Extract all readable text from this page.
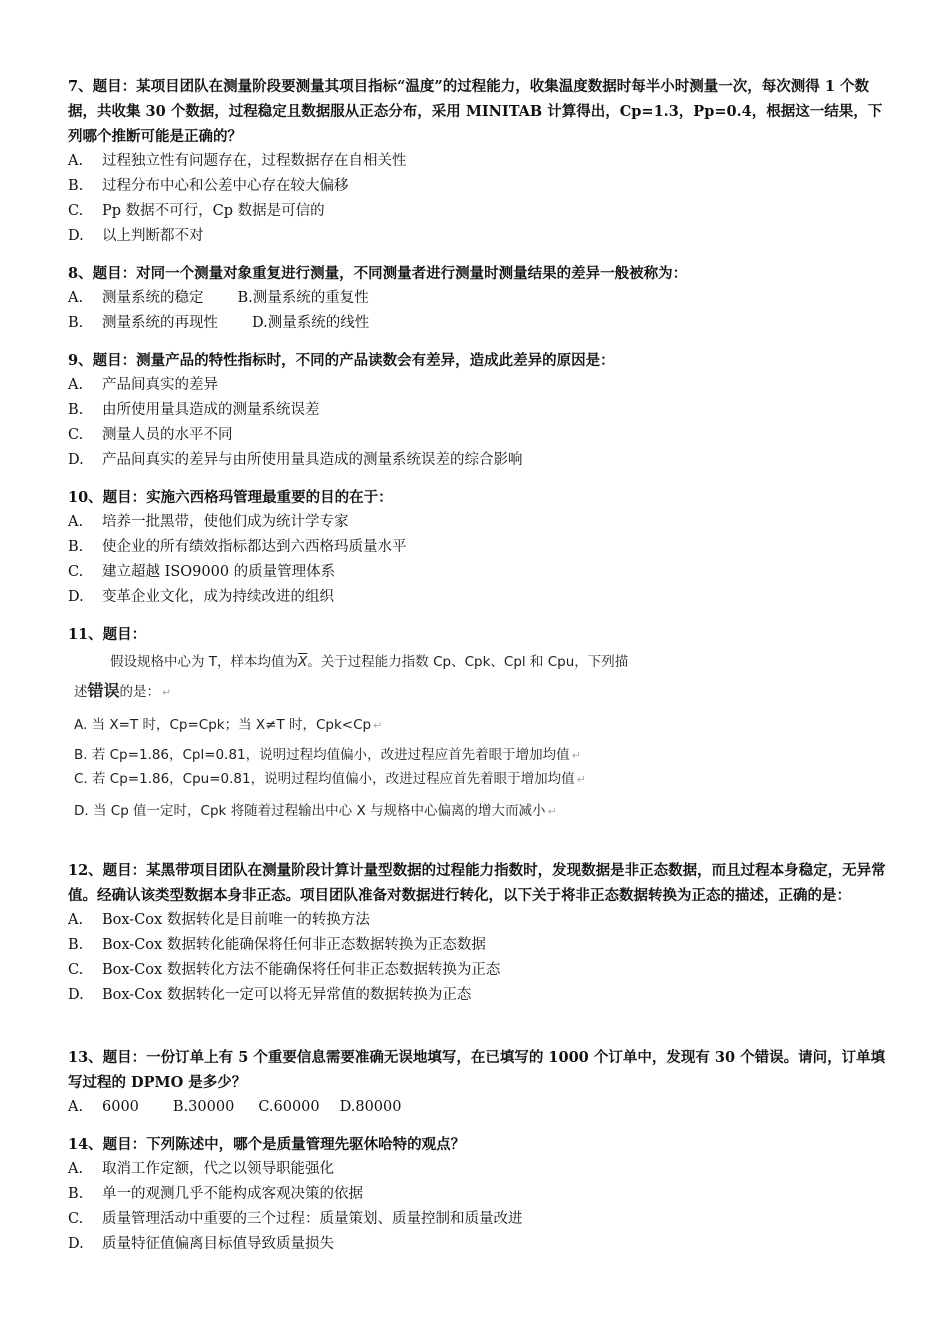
7、题目：某项目团队在测量阶段要测量其项目指标“温度”的过程能力，收集温度数据时每半小时测量一次，每次测得 1 个数据，共收集 30 个数据，过程稳定且数据服从正态分布，采用 MINITAB 计算得出，Cp=1.3，Pp=0.4，根据这一结果，下列哪个推断可能是正确的？

A. 过程独立性有问题存在，过程数据存在自相关性

B. 过程分布中心和公差中心存在较大偏移

C. Pp 数据不可行，Cp 数据是可信的

D. 以上判断都不对

8、题目：对同一个测量对象重复进行测量，不同测量者进行测量时测量结果的差异一般被称为：

A. 测量系统的稳定 B.测量系统的重复性

B. 测量系统的再现性 D.测量系统的线性

9、题目：测量产品的特性指标时，不同的产品读数会有差异，造成此差异的原因是：

A. 产品间真实的差异

B. 由所使用量具造成的测量系统误差

C. 测量人员的水平不同

D. 产品间真实的差异与由所使用量具造成的测量系统误差的综合影响

10、题目：实施六西格玛管理最重要的目的在于：

A. 培养一批黑带，使他们成为统计学专家

B. 使企业的所有绩效指标都达到六西格玛质量水平

C. 建立超越 ISO9000 的质量管理体系

D. 变革企业文化，成为持续改进的组织

11、题目：

假设规格中心为 T，样本均值为$\overline{X}$。关于过程能力指数 Cp、Cpk、Cpl 和 Cpu，下列描

述错误的是： ↵

A. 当 X=T 时，Cp=Cpk；当 X≠T 时，Cpk<Cp ↵

B. 若 Cp=1.86，Cpl=0.81，说明过程均值偏小，改进过程应首先着眼于增加均值 ↵

C. 若 Cp=1.86，Cpu=0.81，说明过程均值偏小，改进过程应首先着眼于增加均值 ↵

D. 当 Cp 值一定时，Cpk 将随着过程输出中心 X 与规格中心偏离的增大而减小 ↵

12、题目：某黑带项目团队在测量阶段计算计量型数据的过程能力指数时，发现数据是非正态数据，而且过程本身稳定，无异常值。经确认该类型数据本身非正态。项目团队准备对数据进行转化，以下关于将非正态数据转换为正态的描述，正确的是：

A. Box-Cox 数据转化是目前唯一的转换方法

B. Box-Cox 数据转化能确保将任何非正态数据转换为正态数据

C. Box-Cox 数据转化方法不能确保将任何非正态数据转换为正态

D. Box-Cox 数据转化一定可以将无异常值的数据转换为正态

13、题目：一份订单上有 5 个重要信息需要准确无误地填写，在已填写的 1000 个订单中，发现有 30 个错误。请问，订单填写过程的 DPMO 是多少？

A. 6000 B.30000 C.60000 D.80000

14、题目：下列陈述中，哪个是质量管理先驱休哈特的观点？

A. 取消工作定额，代之以领导职能强化

B. 单一的观测几乎不能构成客观决策的依据

C. 质量管理活动中重要的三个过程：质量策划、质量控制和质量改进

D. 质量特征值偏离目标值导致质量损失
